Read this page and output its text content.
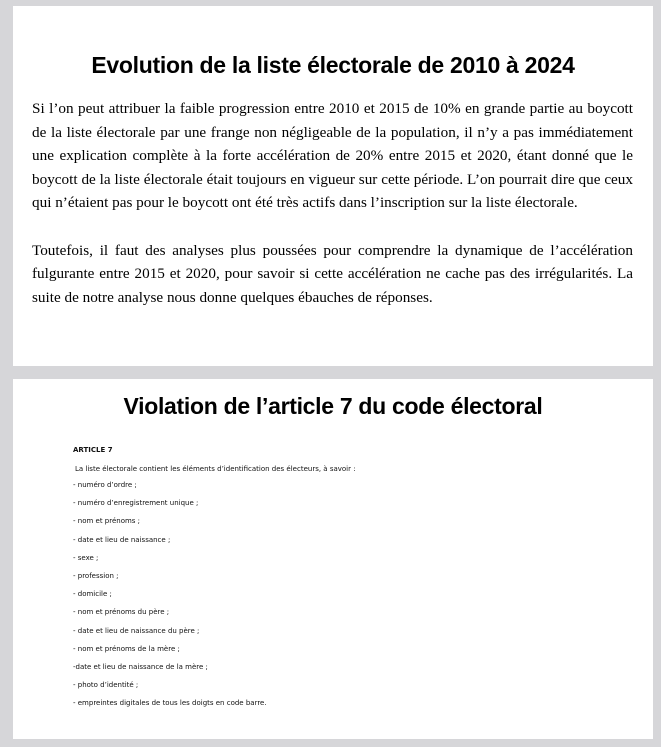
Evolution de la liste électorale de 2010 à 2024

Si l’on peut attribuer la faible progression entre 2010 et 2015 de 10% en grande partie au boycott de la liste électorale par une frange non négligeable de la population, il n’y a pas immédiatement une explication complète à la forte accélération de 20% entre 2015 et 2020, étant donné que le boycott de la liste électorale était toujours en vigueur sur cette période. L’on pourrait dire que ceux qui n’étaient pas pour le boycott ont été très actifs dans l’inscription sur la liste électorale.

Toutefois, il faut des analyses plus poussées pour comprendre la dynamique de l’accélération fulgurante entre 2015 et 2020, pour savoir si cette accélération ne cache pas des irrégularités. La suite de notre analyse nous donne quelques ébauches de réponses.

Violation de l’article 7 du code électoral
ARTICLE 7
La liste électorale contient les éléments d’identification des électeurs, à savoir :
- numéro d’ordre ;
- numéro d’enregistrement unique ;
- nom et prénoms ;
- date et lieu de naissance ;
- sexe ;
- profession ;
- domicile ;
- nom et prénoms du père ;
- date et lieu de naissance du père ;
- nom et prénoms de la mère ;
-date et lieu de naissance de la mère ;
- photo d’identité ;
- empreintes digitales de tous les doigts en code barre.
